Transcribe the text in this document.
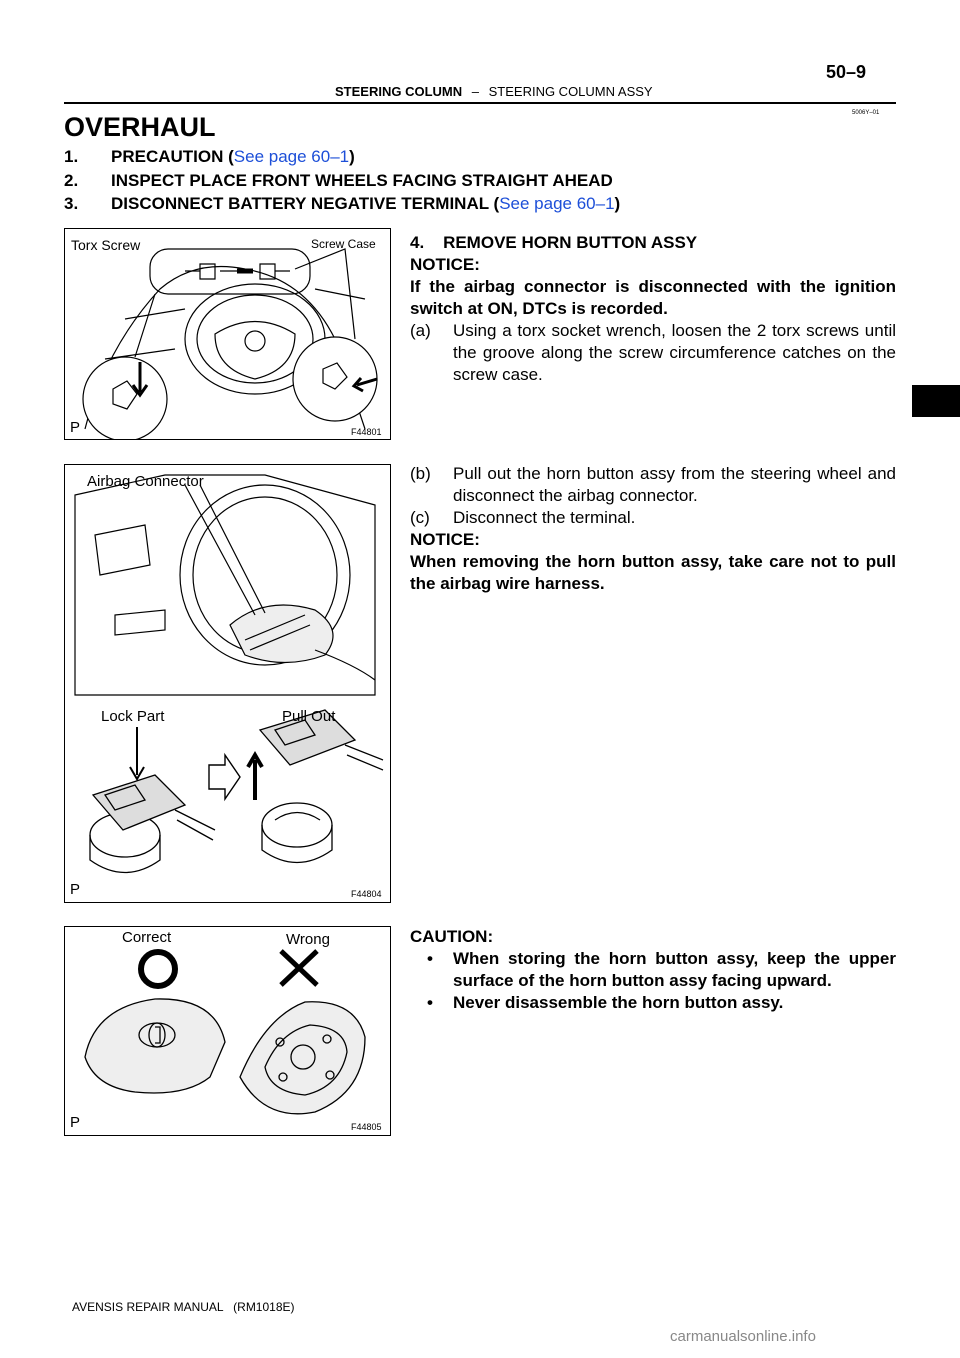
STEERING COLUMN – STEERING COLUMN ASSY
50–9
5006Y–01
OVERHAUL
1. PRECAUTION (See page 60–1)
2. INSPECT PLACE FRONT WHEELS FACING STRAIGHT AHEAD
3. DISCONNECT BATTERY NEGATIVE TERMINAL (See page 60–1)
Torx Screw	Screw Case
P	F44801
Airbag Connector
Lock Part	Pull Out
P	F44804
Correct	Wrong
P	F44805

4.    REMOVE HORN BUTTON ASSY

NOTICE:

If the airbag connector is disconnected with the ignition switch at ON, DTCs is recorded.

(a) Using a torx socket wrench, loosen the 2 torx screws until the groove along the screw circumference catches on the screw case.

(b) Pull out the horn button assy from the steering wheel and disconnect the airbag connector.

(c) Disconnect the terminal.

NOTICE:

When removing the horn button assy, take care not to pull the airbag wire harness.

CAUTION:

• When storing the horn button assy, keep the upper surface of the horn button assy facing upward.

• Never disassemble the horn button assy.

AVENSIS REPAIR MANUAL   (RM1018E)
carmanualsonline.info
